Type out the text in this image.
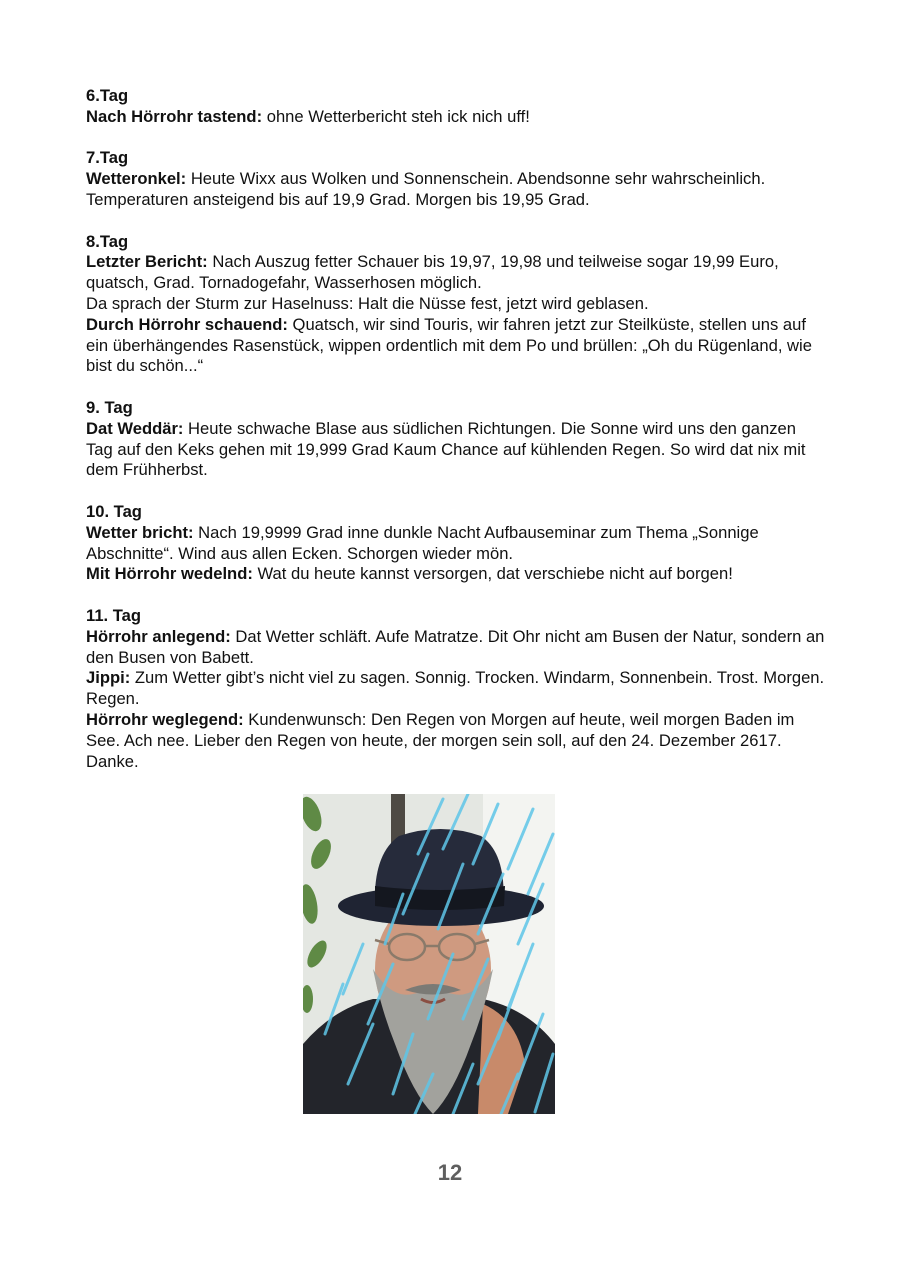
6.Tag
Nach Hörrohr tastend: ohne Wetterbericht steh ick nich uff!
7.Tag
Wetteronkel: Heute Wixx aus Wolken und Sonnenschein. Abendsonne sehr wahrscheinlich. Temperaturen ansteigend bis auf 19,9 Grad. Morgen bis 19,95 Grad.
8.Tag
Letzter Bericht: Nach Auszug fetter Schauer bis 19,97, 19,98 und teilweise sogar 19,99 Euro, quatsch, Grad. Tornadogefahr, Wasserhosen möglich.
Da sprach der Sturm zur Haselnuss: Halt die Nüsse fest, jetzt wird geblasen.
Durch Hörrohr schauend: Quatsch, wir sind Touris, wir fahren jetzt zur Steilküste, stellen uns auf ein überhängendes Rasenstück, wippen ordentlich mit dem Po und brüllen: „Oh du Rügenland, wie bist du schön...“
9. Tag
Dat Weddär: Heute schwache Blase aus südlichen Richtungen. Die Sonne wird uns den ganzen Tag auf den Keks gehen mit 19,999 Grad Kaum Chance auf kühlenden Regen. So wird dat nix mit dem Frühherbst.
10. Tag
Wetter bricht: Nach 19,9999 Grad inne dunkle Nacht Aufbauseminar zum Thema „Sonnige Abschnitte“. Wind aus allen Ecken. Schorgen wieder mön.
Mit Hörrohr wedelnd: Wat du heute kannst versorgen, dat verschiebe nicht auf borgen!
11. Tag
Hörrohr anlegend: Dat Wetter schläft. Aufe Matratze. Dit Ohr nicht am Busen der Natur, sondern an den Busen von Babett.
Jippi: Zum Wetter gibt’s nicht viel zu sagen. Sonnig. Trocken. Windarm, Sonnenbein. Trost. Morgen. Regen.
Hörrohr weglegend: Kundenwunsch: Den Regen von Morgen auf heute, weil morgen Baden im See. Ach nee. Lieber den Regen von heute, der morgen sein soll, auf den 24. Dezember 2617. Danke.
12
